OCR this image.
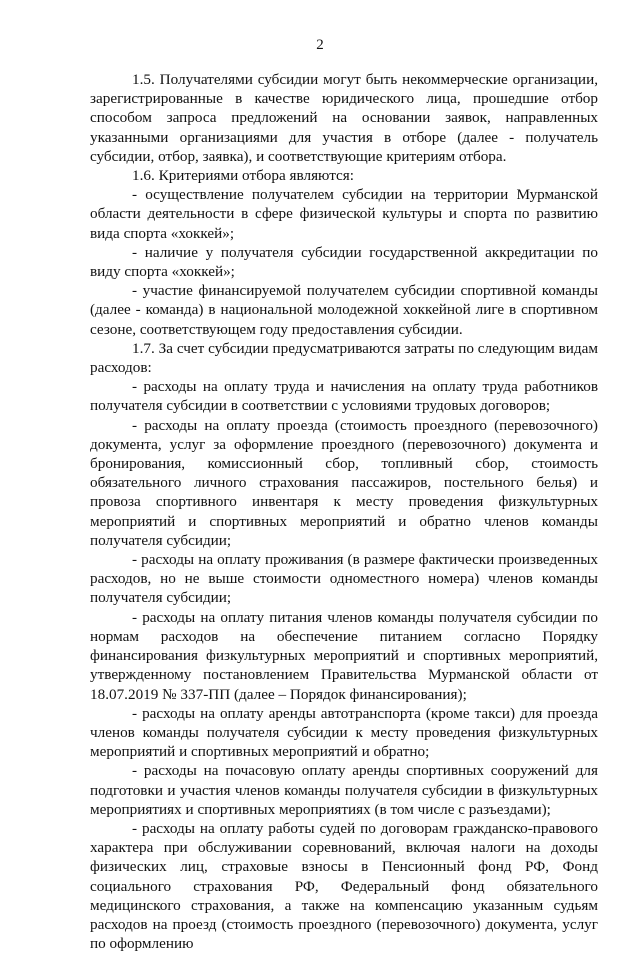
2

1.5. Получателями субсидии могут быть некоммерческие организации, зарегистрированные в качестве юридического лица, прошедшие отбор способом запроса предложений на основании заявок, направленных указанными организациями для участия в отборе (далее - получатель субсидии, отбор, заявка), и соответствующие критериям отбора.

1.6. Критериями отбора являются:

- осуществление получателем субсидии на территории Мурманской области деятельности в сфере физической культуры и спорта по развитию вида спорта «хоккей»;

- наличие у получателя субсидии государственной аккредитации по виду спорта «хоккей»;

- участие финансируемой получателем субсидии спортивной команды (далее - команда) в национальной молодежной хоккейной лиге в спортивном сезоне, соответствующем году предоставления субсидии.

1.7. За счет субсидии предусматриваются затраты по следующим видам расходов:

- расходы на оплату труда и начисления на оплату труда работников получателя субсидии в соответствии с условиями трудовых договоров;

- расходы на оплату проезда (стоимость проездного (перевозочного) документа, услуг за оформление проездного (перевозочного) документа и бронирования, комиссионный сбор, топливный сбор, стоимость обязательного личного страхования пассажиров, постельного белья) и провоза спортивного инвентаря к месту проведения физкультурных мероприятий и спортивных мероприятий и обратно членов команды получателя субсидии;

- расходы на оплату проживания (в размере фактически произведенных расходов, но не выше стоимости одноместного номера) членов команды получателя субсидии;

- расходы на оплату питания членов команды получателя субсидии по нормам расходов на обеспечение питанием согласно Порядку финансирования физкультурных мероприятий и спортивных мероприятий, утвержденному постановлением Правительства Мурманской области от 18.07.2019 № 337-ПП (далее – Порядок финансирования);

- расходы на оплату аренды автотранспорта (кроме такси) для проезда членов команды получателя субсидии к месту проведения физкультурных мероприятий и спортивных мероприятий и обратно;

- расходы на почасовую оплату аренды спортивных сооружений для подготовки и участия членов команды получателя субсидии в физкультурных мероприятиях и спортивных мероприятиях (в том числе с разъездами);

- расходы на оплату работы судей по договорам гражданско-правового характера при обслуживании соревнований, включая налоги на доходы физических лиц, страховые взносы в Пенсионный фонд РФ, Фонд социального страхования РФ, Федеральный фонд обязательного медицинского страхования, а также на компенсацию указанным судьям расходов на проезд (стоимость проездного (перевозочного) документа, услуг по оформлению
